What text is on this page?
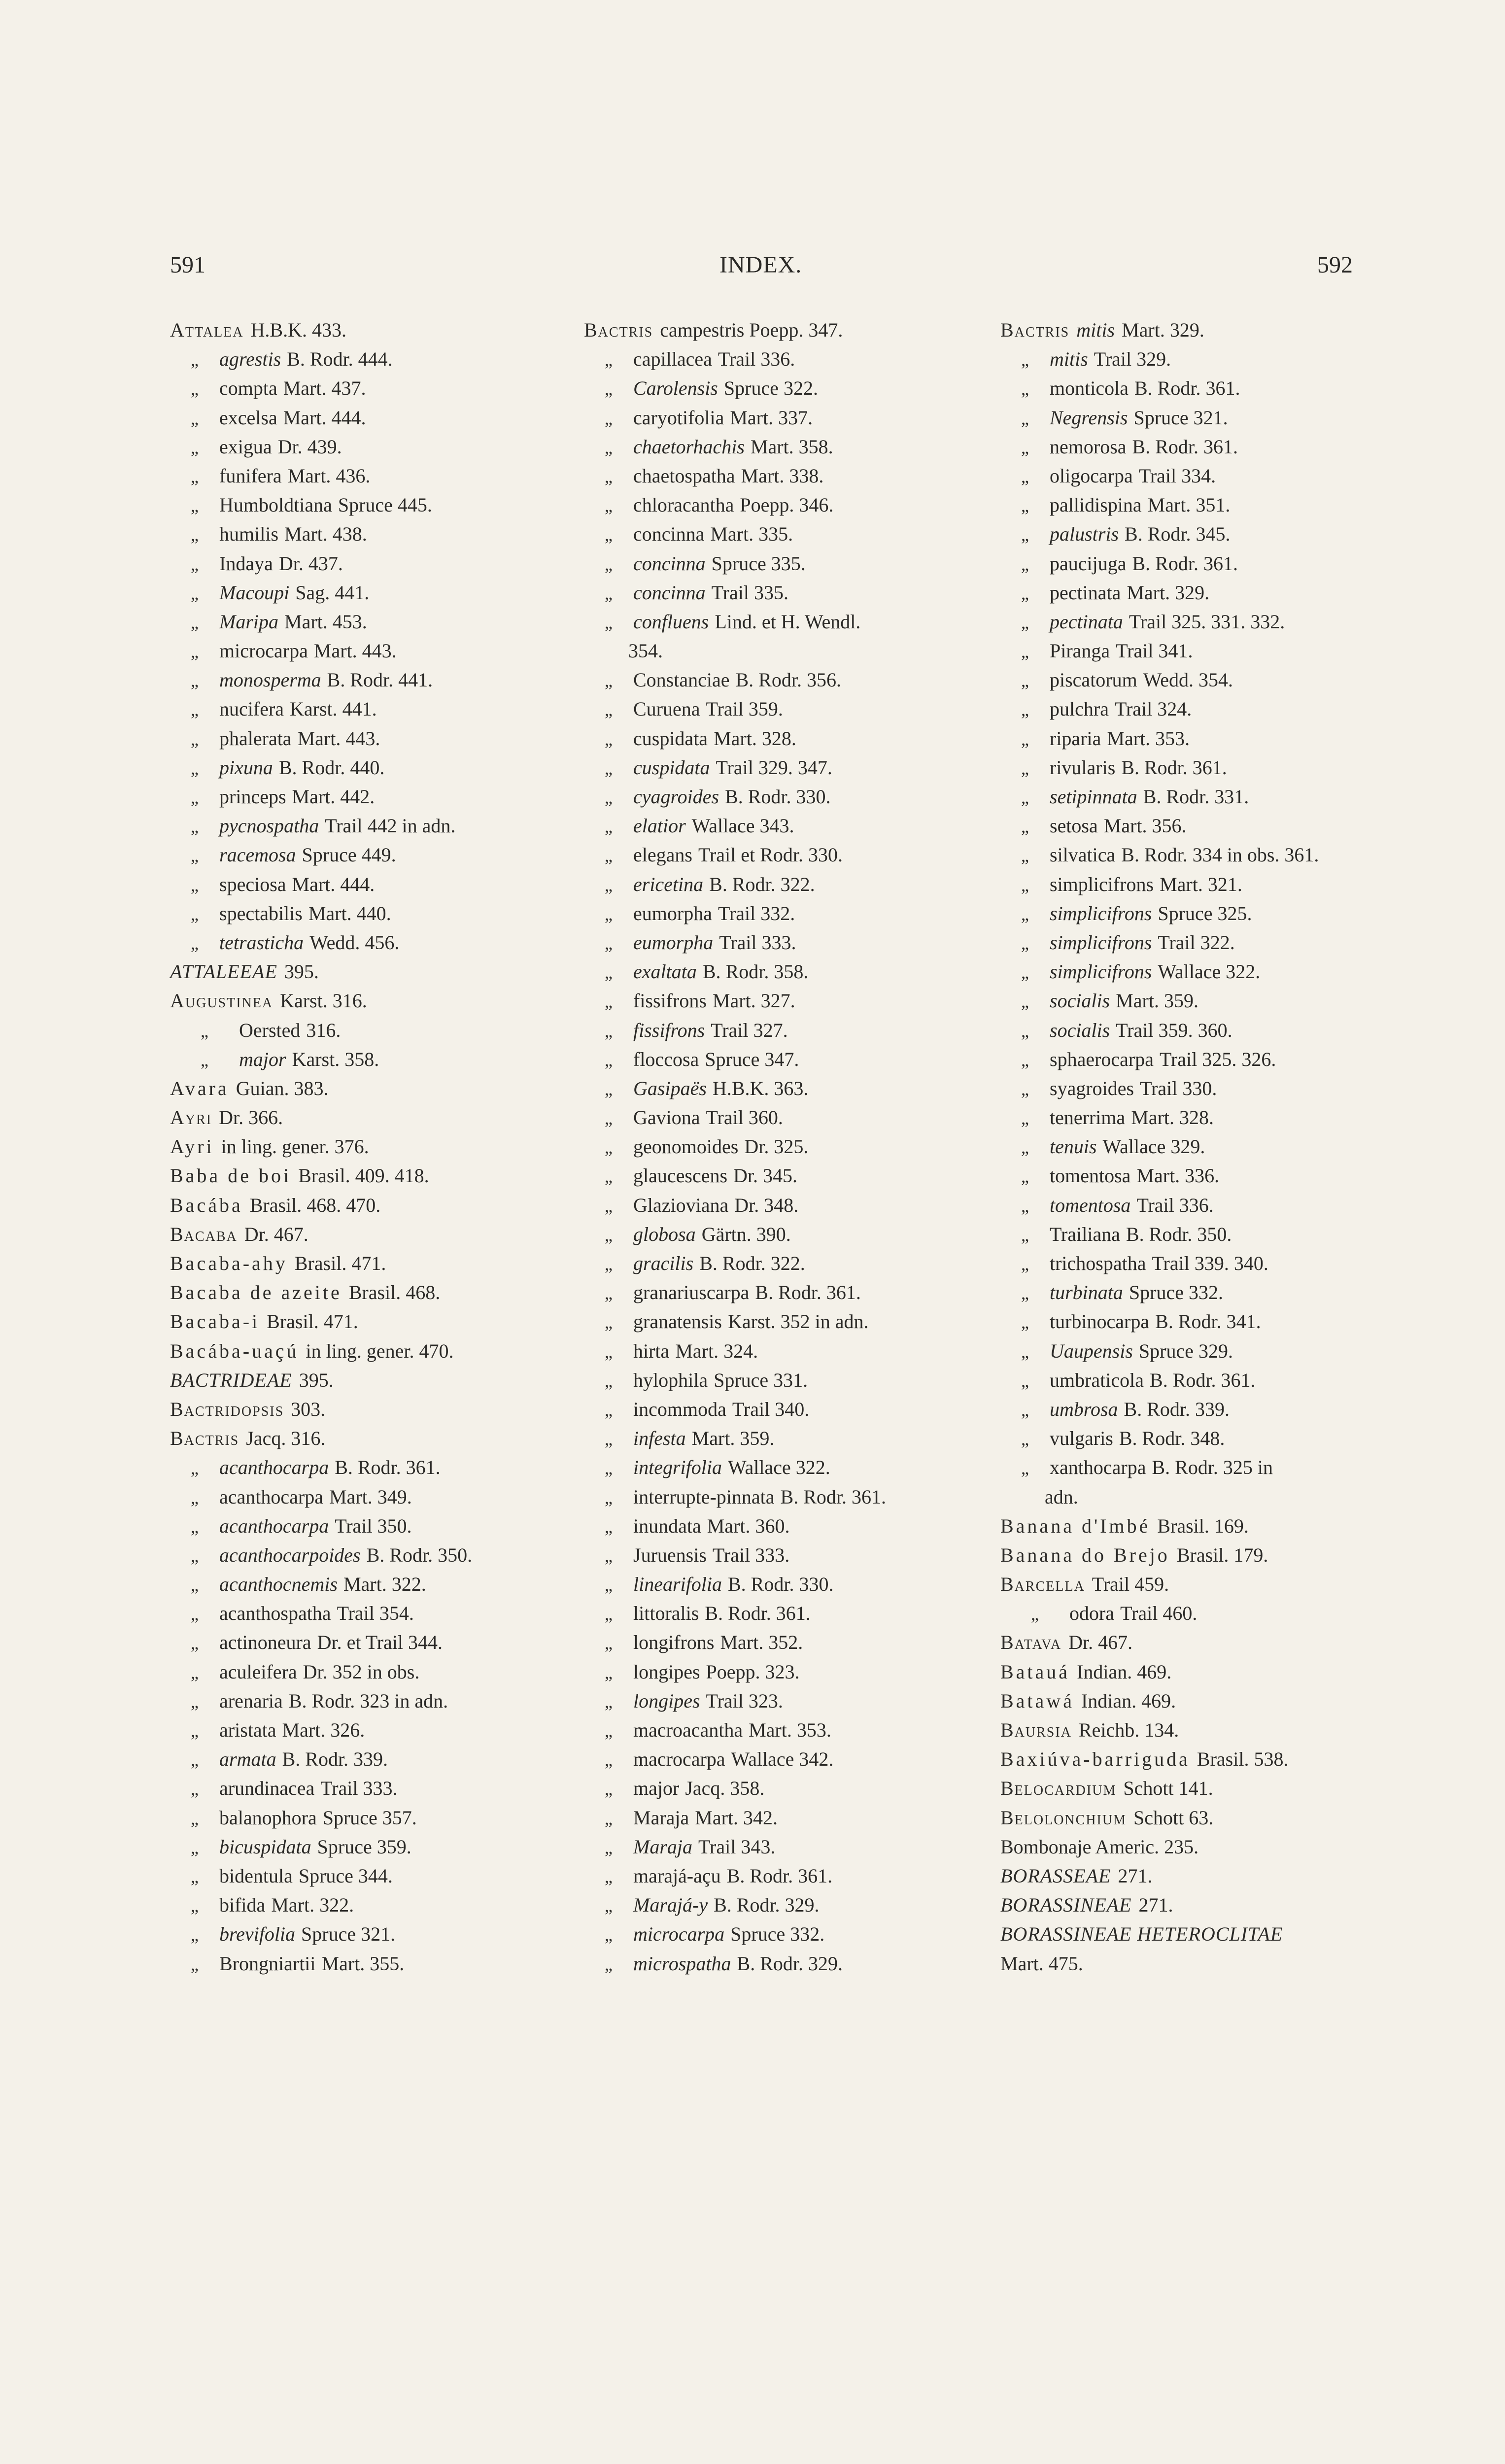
591	INDEX.	592
Attalea H.B.K. 433.
„	agrestis B. Rodr. 444.
„	compta Mart. 437.
„	excelsa Mart. 444.
„	exigua Dr. 439.
„	funifera Mart. 436.
„	Humboldtiana Spruce 445.
„	humilis Mart. 438.
„	Indaya Dr. 437.
„	Macoupi Sag. 441.
„	Maripa Mart. 453.
„	microcarpa Mart. 443.
„	monosperma B. Rodr. 441.
„	nucifera Karst. 441.
„	phalerata Mart. 443.
„	pixuna B. Rodr. 440.
„	princeps Mart. 442.
„	pycnospatha Trail 442 in adn.
„	racemosa Spruce 449.
„	speciosa Mart. 444.
„	spectabilis Mart. 440.
„	tetrasticha Wedd. 456.
ATTALEEAE 395.
Augustinea Karst. 316.
„	Oersted 316.
„	major Karst. 358.
Avara Guian. 383.
Ayri Dr. 366.
Ayri in ling. gener. 376.
Baba de boi Brasil. 409. 418.
Bacába Brasil. 468. 470.
Bacaba Dr. 467.
Bacaba-ahy Brasil. 471.
Bacaba de azeite Brasil. 468.
Bacaba-i Brasil. 471.
Bacába-uaçú in ling. gener. 470.
BACTRIDEAE 395.
Bactridopsis 303.
Bactris Jacq. 316.
„	acanthocarpa B. Rodr. 361.
„	acanthocarpa Mart. 349.
„	acanthocarpa Trail 350.
„	acanthocarpoides B. Rodr. 350.
„	acanthocnemis Mart. 322.
„	acanthospatha Trail 354.
„	actinoneura Dr. et Trail 344.
„	aculeifera Dr. 352 in obs.
„	arenaria B. Rodr. 323 in adn.
„	aristata Mart. 326.
„	armata B. Rodr. 339.
„	arundinacea Trail 333.
„	balanophora Spruce 357.
„	bicuspidata Spruce 359.
„	bidentula Spruce 344.
„	bifida Mart. 322.
„	brevifolia Spruce 321.
„	Brongniartii Mart. 355.
Bactris campestris Poepp. 347.
„	capillacea Trail 336.
„	Carolensis Spruce 322.
„	caryotifolia Mart. 337.
„	chaetorhachis Mart. 358.
„	chaetospatha Mart. 338.
„	chloracantha Poepp. 346.
„	concinna Mart. 335.
„	concinna Spruce 335.
„	concinna Trail 335.
„	confluens Lind. et H. Wendl.
354.
„	Constanciae B. Rodr. 356.
„	Curuena Trail 359.
„	cuspidata Mart. 328.
„	cuspidata Trail 329. 347.
„	cyagroides B. Rodr. 330.
„	elatior Wallace 343.
„	elegans Trail et Rodr. 330.
„	ericetina B. Rodr. 322.
„	eumorpha Trail 332.
„	eumorpha Trail 333.
„	exaltata B. Rodr. 358.
„	fissifrons Mart. 327.
„	fissifrons Trail 327.
„	floccosa Spruce 347.
„	Gasipaës H.B.K. 363.
„	Gaviona Trail 360.
„	geonomoides Dr. 325.
„	glaucescens Dr. 345.
„	Glazioviana Dr. 348.
„	globosa Gärtn. 390.
„	gracilis B. Rodr. 322.
„	granariuscarpa B. Rodr. 361.
„	granatensis Karst. 352 in adn.
„	hirta Mart. 324.
„	hylophila Spruce 331.
„	incommoda Trail 340.
„	infesta Mart. 359.
„	integrifolia Wallace 322.
„	interrupte-pinnata B. Rodr. 361.
„	inundata Mart. 360.
„	Juruensis Trail 333.
„	linearifolia B. Rodr. 330.
„	littoralis B. Rodr. 361.
„	longifrons Mart. 352.
„	longipes Poepp. 323.
„	longipes Trail 323.
„	macroacantha Mart. 353.
„	macrocarpa Wallace 342.
„	major Jacq. 358.
„	Maraja Mart. 342.
„	Maraja Trail 343.
„	marajá-açu B. Rodr. 361.
„	Marajá-y B. Rodr. 329.
„	microcarpa Spruce 332.
„	microspatha B. Rodr. 329.
Bactris mitis Mart. 329.
„	mitis Trail 329.
„	monticola B. Rodr. 361.
„	Negrensis Spruce 321.
„	nemorosa B. Rodr. 361.
„	oligocarpa Trail 334.
„	pallidispina Mart. 351.
„	palustris B. Rodr. 345.
„	paucijuga B. Rodr. 361.
„	pectinata Mart. 329.
„	pectinata Trail 325. 331. 332.
„	Piranga Trail 341.
„	piscatorum Wedd. 354.
„	pulchra Trail 324.
„	riparia Mart. 353.
„	rivularis B. Rodr. 361.
„	setipinnata B. Rodr. 331.
„	setosa Mart. 356.
„	silvatica B. Rodr. 334 in obs. 361.
„	simplicifrons Mart. 321.
„	simplicifrons Spruce 325.
„	simplicifrons Trail 322.
„	simplicifrons Wallace 322.
„	socialis Mart. 359.
„	socialis Trail 359. 360.
„	sphaerocarpa Trail 325. 326.
„	syagroides Trail 330.
„	tenerrima Mart. 328.
„	tenuis Wallace 329.
„	tomentosa Mart. 336.
„	tomentosa Trail 336.
„	Trailiana B. Rodr. 350.
„	trichospatha Trail 339. 340.
„	turbinata Spruce 332.
„	turbinocarpa B. Rodr. 341.
„	Uaupensis Spruce 329.
„	umbraticola B. Rodr. 361.
„	umbrosa B. Rodr. 339.
„	vulgaris B. Rodr. 348.
„	xanthocarpa B. Rodr. 325 in
adn.
Banana d'Imbé Brasil. 169.
Banana do Brejo Brasil. 179.
Barcella Trail 459.
„	odora Trail 460.
Batava Dr. 467.
Batauá Indian. 469.
Batawá Indian. 469.
Baursia Reichb. 134.
Baxiúva-barriguda Brasil. 538.
Belocardium Schott 141.
Belolonchium Schott 63.
Bombonaje Americ. 235.
BORASSEAE 271.
BORASSINEAE 271.
BORASSINEAE HETEROCLITAE
Mart. 475.
